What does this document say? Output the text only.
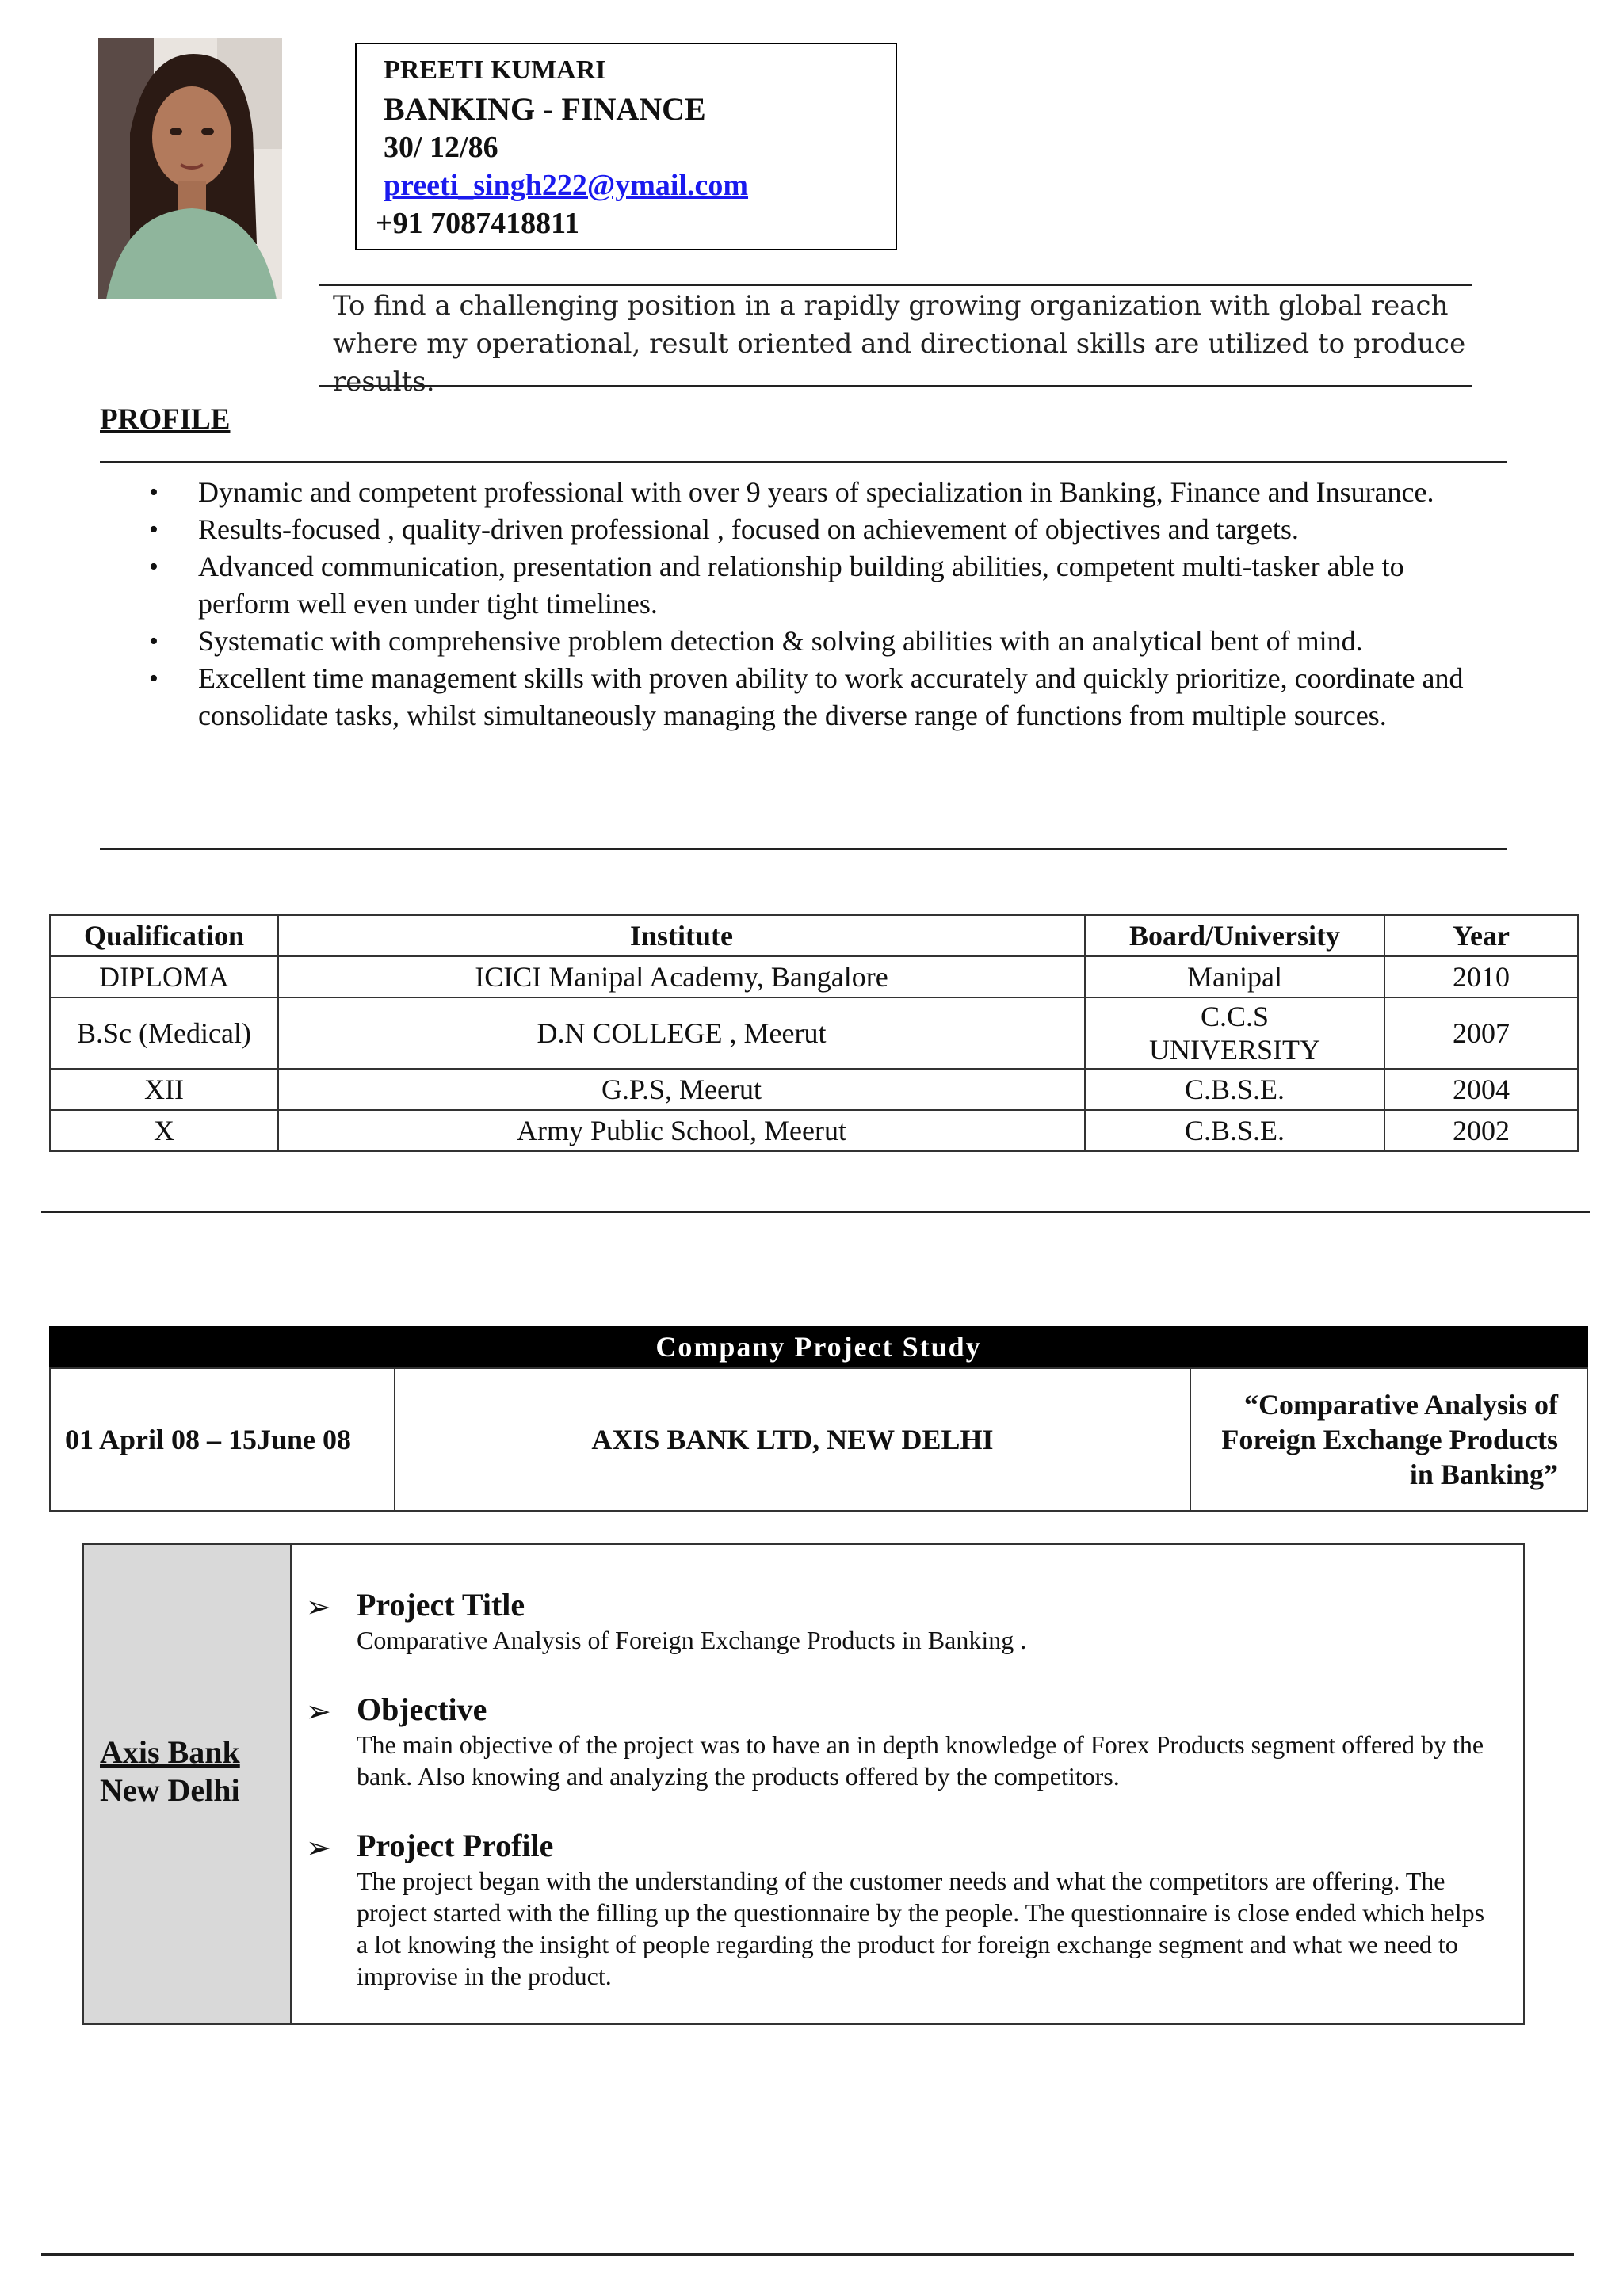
PREETI KUMARI
BANKING - FINANCE
30/ 12/86
preeti_singh222@ymail.com
+91 7087418811
To find a challenging position in a rapidly growing organization with global reach where my operational, result oriented and directional skills are utilized to produce results.
PROFILE
• Dynamic and competent professional with over 9 years of specialization in Banking, Finance and Insurance.
• Results-focused , quality-driven professional , focused on achievement of objectives and targets.
• Advanced communication, presentation and relationship building abilities, competent multi-tasker able to perform well even under tight timelines.
• Systematic with comprehensive problem detection & solving abilities with an analytical bent of mind.
• Excellent time management skills with proven ability to work accurately and quickly prioritize, coordinate and consolidate tasks, whilst simultaneously managing the diverse range of functions from multiple sources.
Qualification	Institute	Board/University	Year
DIPLOMA	ICICI Manipal Academy, Bangalore	Manipal	2010
B.Sc (Medical)	D.N COLLEGE , Meerut	C.C.S UNIVERSITY	2007
XII	G.P.S, Meerut	C.B.S.E.	2004
X	Army Public School, Meerut	C.B.S.E.	2002
Company Project Study
01 April 08 – 15June 08	AXIS BANK LTD, NEW DELHI	“Comparative Analysis of Foreign Exchange Products in Banking”
Axis Bank
New Delhi
➢ Project Title

Comparative Analysis of Foreign Exchange Products in Banking .

➢ Objective

The main objective of the project was to have an in depth knowledge of Forex Products segment offered by the bank. Also knowing and analyzing the products offered by the competitors.

➢ Project Profile

The project began with the understanding of the customer needs and what the competitors are offering. The project started with the filling up the questionnaire by the people. The questionnaire is close ended which helps a lot knowing the insight of people regarding the product for foreign exchange segment and what we need to improvise in the product.
